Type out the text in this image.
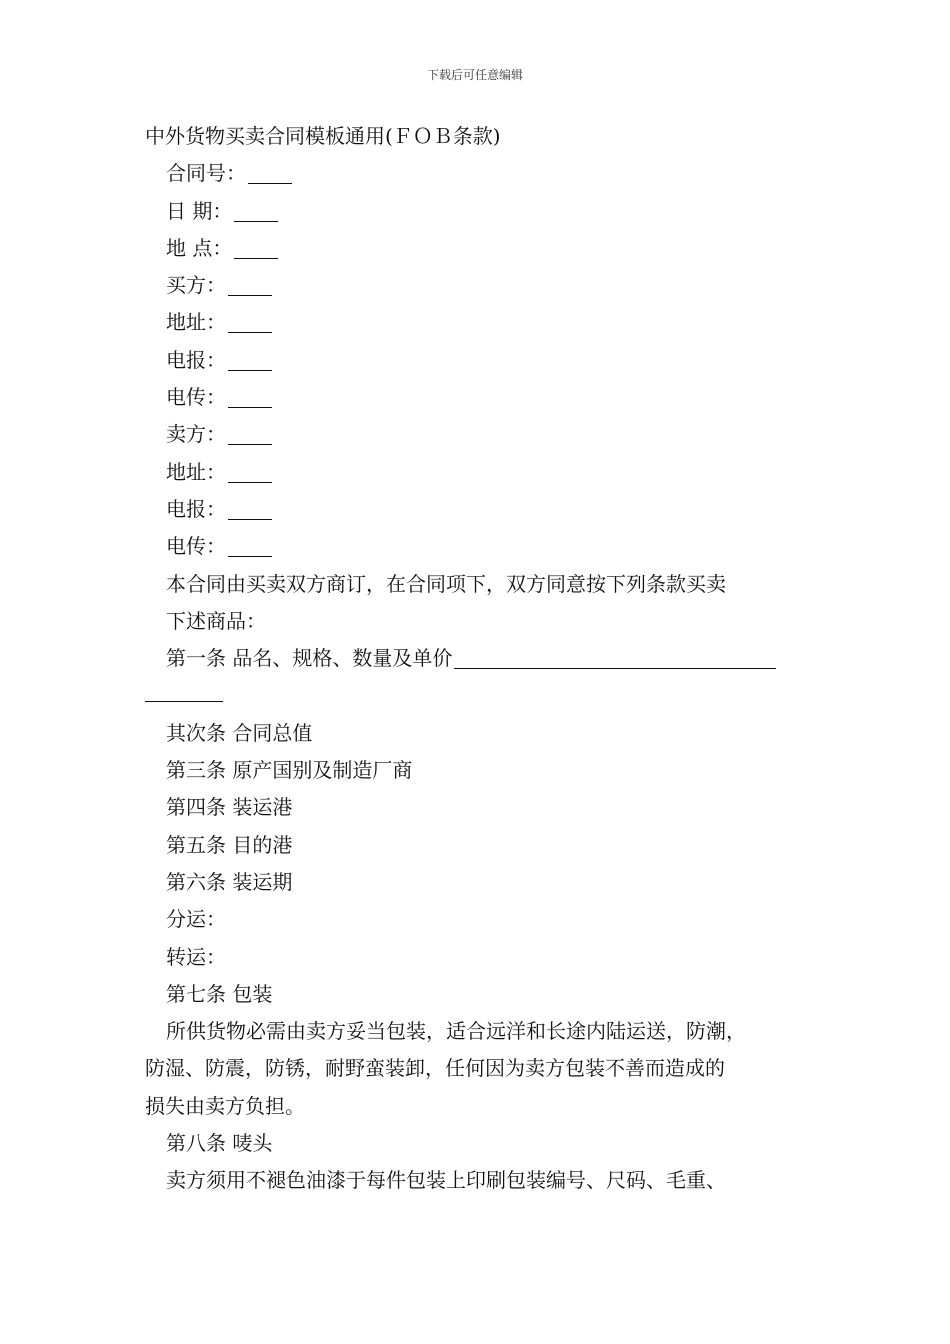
下载后可任意编辑
中外货物买卖合同模板通用(ＦＯＢ条款)
合同号：
日 期：
地 点：
买方：
地址：
电报：
电传：
卖方：
地址：
电报：
电传：
本合同由买卖双方商订，在合同项下，双方同意按下列条款买卖
下述商品：
第一条 品名、规格、数量及单价
其次条 合同总值
第三条 原产国别及制造厂商
第四条 装运港
第五条 目的港
第六条 装运期
分运：
转运：
第七条 包装
所供货物必需由卖方妥当包装，适合远洋和长途内陆运送，防潮，
防湿、防震，防锈，耐野蛮装卸，任何因为卖方包装不善而造成的
损失由卖方负担。
第八条 唛头
卖方须用不褪色油漆于每件包装上印刷包装编号、尺码、毛重、
